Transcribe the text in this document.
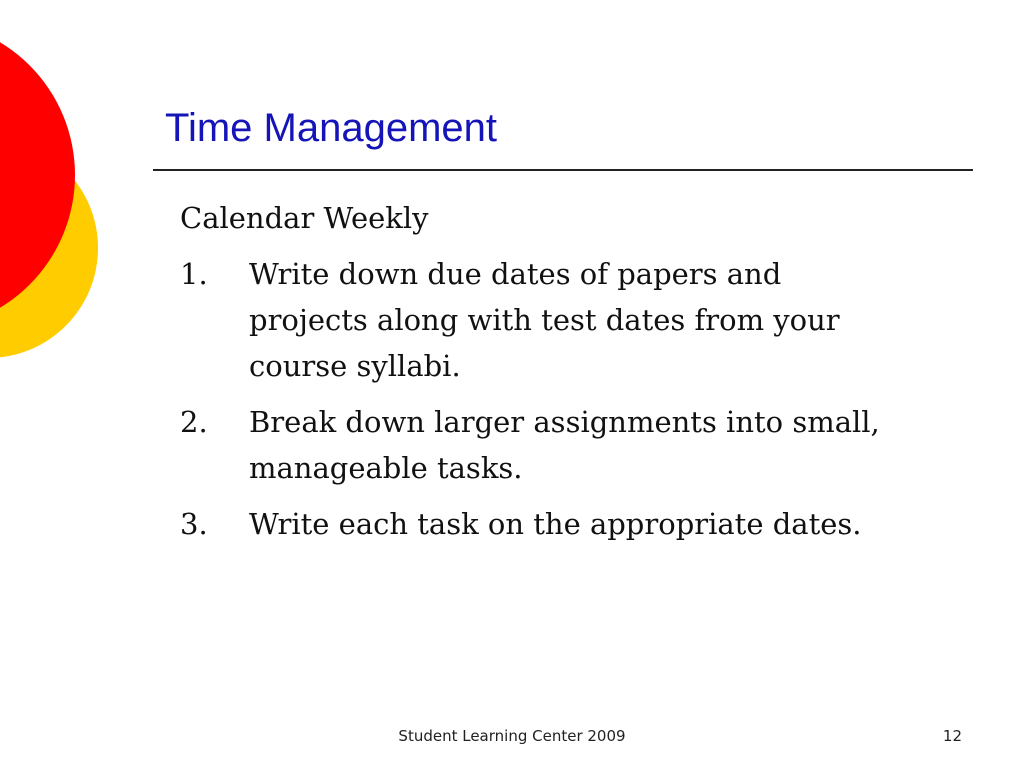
Time Management
Calendar Weekly
1.	Write down due dates of papers and projects along with test dates from your course syllabi.
2.	Break down larger assignments into small, manageable tasks.
3.	Write each task on the appropriate dates.
Student Learning Center 2009	12
